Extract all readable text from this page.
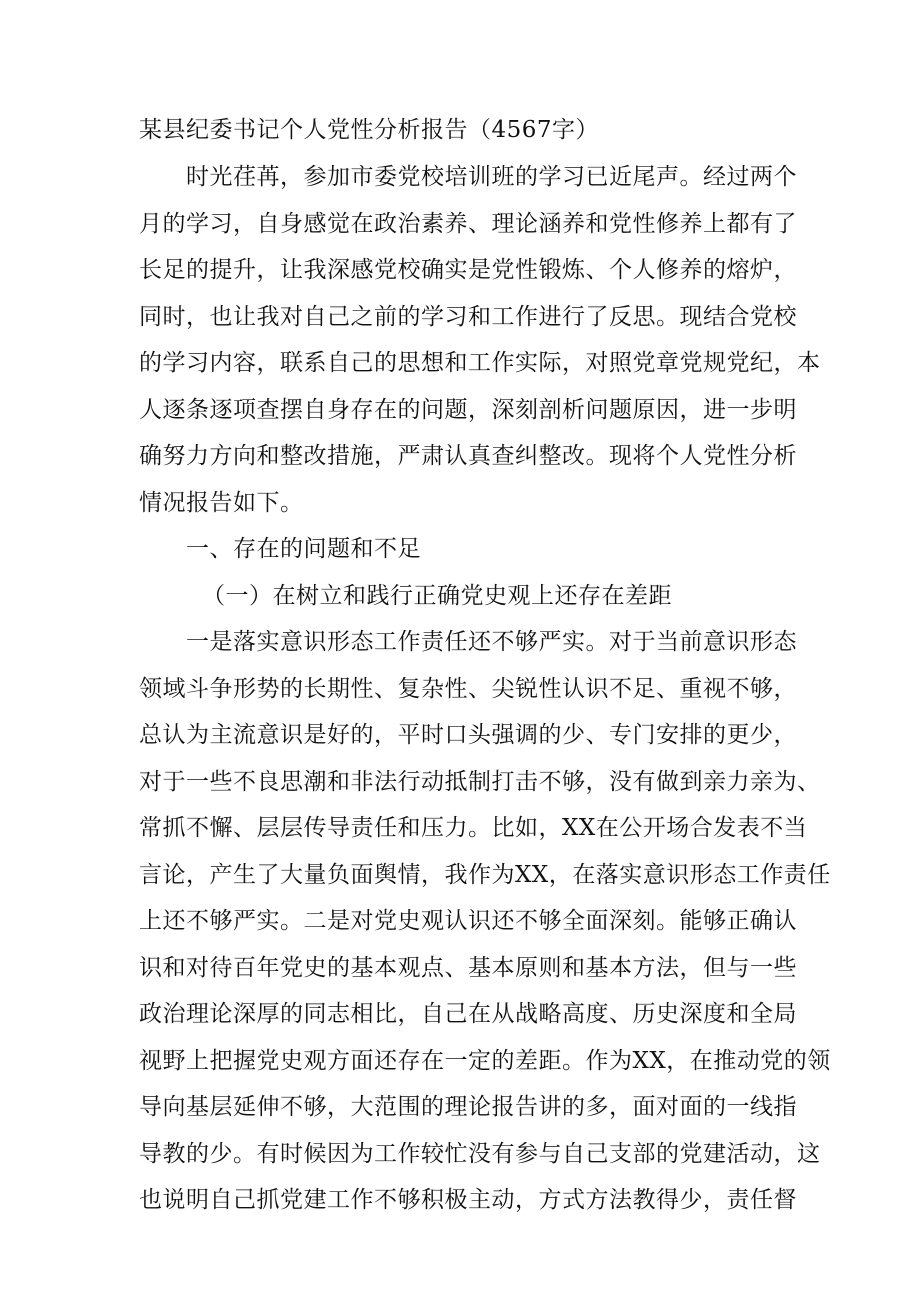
某县纪委书记个人党性分析报告（4567字）
时光荏苒，参加市委党校培训班的学习已近尾声。经过两个
月的学习，自身感觉在政治素养、理论涵养和党性修养上都有了
长足的提升，让我深感党校确实是党性锻炼、个人修养的熔炉，
同时，也让我对自己之前的学习和工作进行了反思。现结合党校
的学习内容，联系自己的思想和工作实际，对照党章党规党纪，本
人逐条逐项查摆自身存在的问题，深刻剖析问题原因，进一步明
确努力方向和整改措施，严肃认真查纠整改。现将个人党性分析
情况报告如下。
一、存在的问题和不足
（一）在树立和践行正确党史观上还存在差距
一是落实意识形态工作责任还不够严实。对于当前意识形态
领域斗争形势的长期性、复杂性、尖锐性认识不足、重视不够，
总认为主流意识是好的，平时口头强调的少、专门安排的更少，
对于一些不良思潮和非法行动抵制打击不够，没有做到亲力亲为、
常抓不懈、层层传导责任和压力。比如，XX在公开场合发表不当
言论，产生了大量负面舆情，我作为XX，在落实意识形态工作责任
上还不够严实。二是对党史观认识还不够全面深刻。能够正确认
识和对待百年党史的基本观点、基本原则和基本方法，但与一些
政治理论深厚的同志相比，自己在从战略高度、历史深度和全局
视野上把握党史观方面还存在一定的差距。作为XX，在推动党的领
导向基层延伸不够，大范围的理论报告讲的多，面对面的一线指
导教的少。有时候因为工作较忙没有参与自己支部的党建活动，这
也说明自己抓党建工作不够积极主动，方式方法教得少，责任督
